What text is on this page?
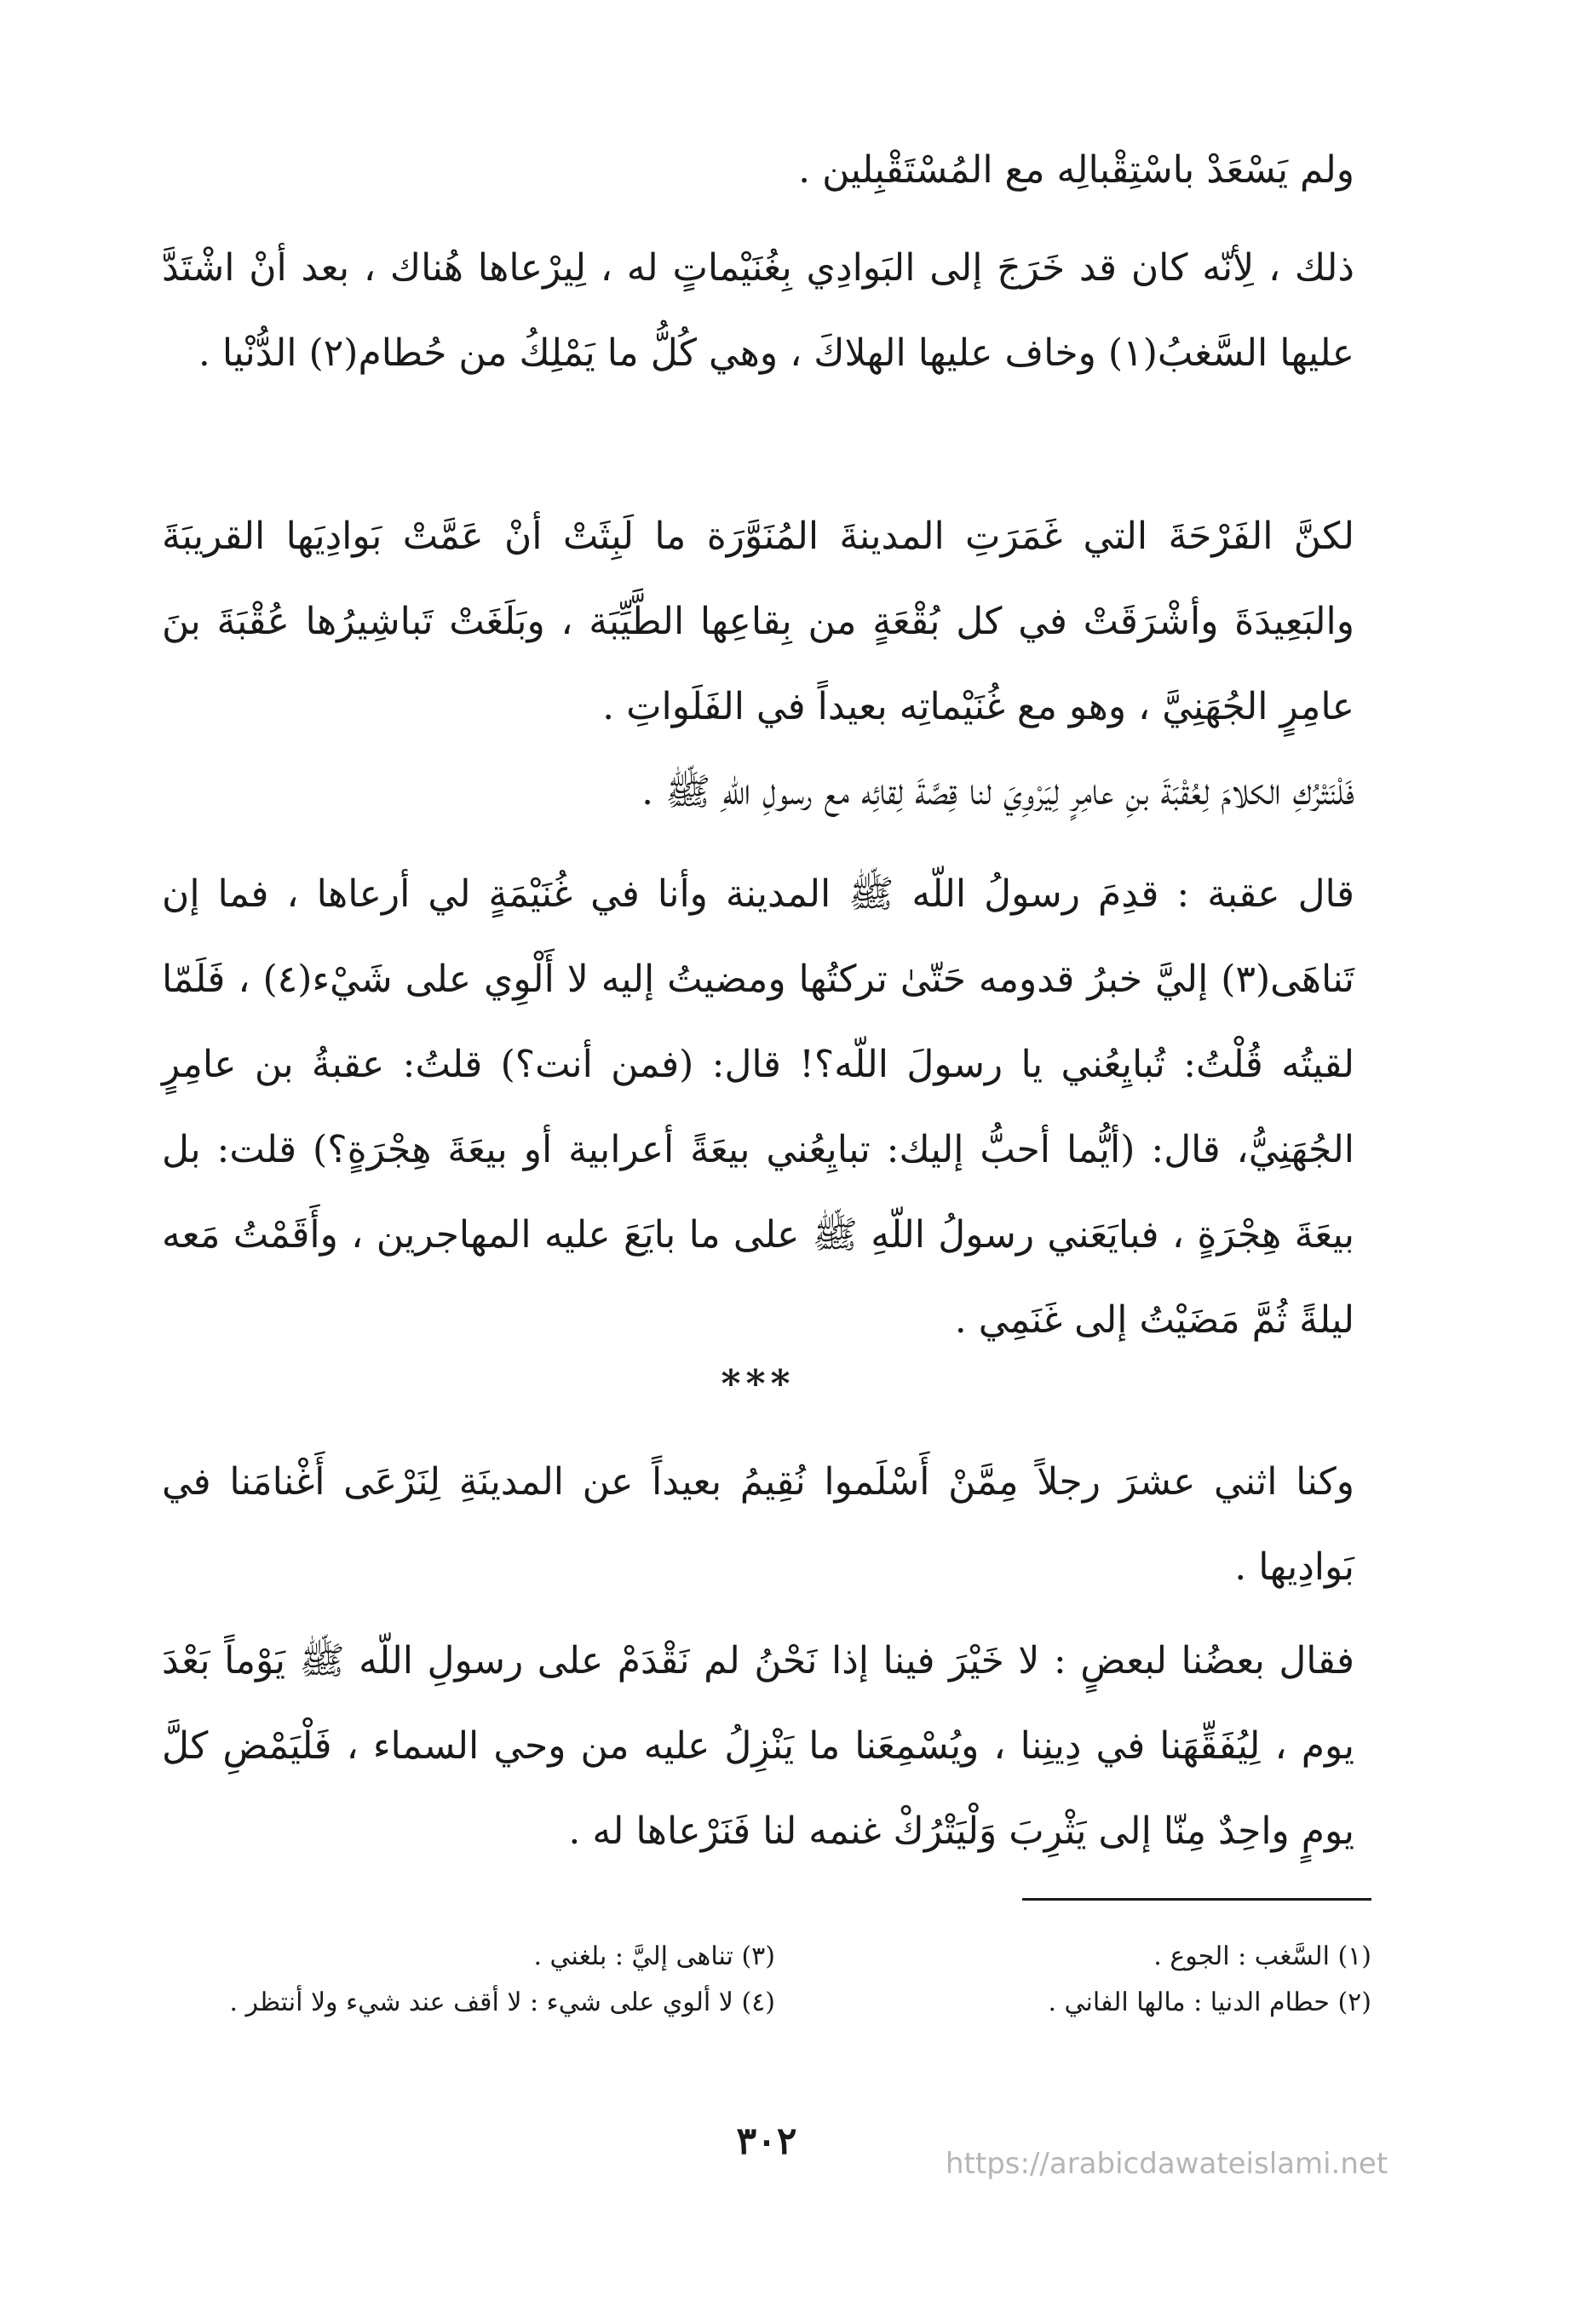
ولم يَسْعَدْ باسْتِقْبالِه مع المُسْتَقْبِلين .

ذلك ، لِأنّه كان قد خَرَجَ إلى البَوادِي بِغُنَيْماتٍ له ، لِيرْعاها هُناك ، بعد أنْ اشْتَدَّ عليها السَّغبُ(١) وخاف عليها الهلاكَ ، وهي كُلُّ ما يَمْلِكُ من حُطام(٢) الدُّنْيا .

لكنَّ الفَرْحَةَ التي غَمَرَتِ المدينةَ المُنَوَّرَة ما لَبِثَتْ أنْ عَمَّتْ بَوادِيَها القريبَةَ والبَعِيدَةَ وأشْرَقَتْ في كل بُقْعَةٍ من بِقاعِها الطَّيِّبَة ، وبَلَغَتْ تَباشِيرُها عُقْبَةَ بنَ عامِرٍ الجُهَنِيَّ ، وهو مع غُنَيْماتِه بعيداً في الفَلَواتِ .

فَلْنَتْرُكِ الكلامَ لِعُقْبَةَ بنِ عامِرٍ لِيَرْوِيَ لنا قِصَّةَ لِقائِه مع رسولِ اللّهِ ﷺ .

قال عقبة : قدِمَ رسولُ اللّه ﷺ المدينة وأنا في غُنَيْمَةٍ لي أرعاها ، فما إن تَناهَى(٣) إليَّ خبرُ قدومه حَتّىٰ تركتُها ومضيتُ إليه لا أَلْوِي على شَيْء(٤) ، فَلَمّا لقيتُه قُلْتُ: تُبايِعُني يا رسولَ اللّه؟! قال: (فمن أنت؟) قلتُ: عقبةُ بن عامِرٍ الجُهَنِيُّ، قال: (أيُّما أحبُّ إليك: تبايِعُني بيعَةً أعرابية أو بيعَةَ هِجْرَةٍ؟) قلت: بل بيعَةَ هِجْرَةٍ ، فبايَعَني رسولُ اللّهِ ﷺ على ما بايَعَ عليه المهاجرين ، وأَقَمْتُ مَعه ليلةً ثُمَّ مَضَيْتُ إلى غَنَمِي .

***

وكنا اثني عشرَ رجلاً مِمَّنْ أَسْلَموا نُقِيمُ بعيداً عن المدينَةِ لِنَرْعَى أَغْنامَنا في بَوادِيها .

فقال بعضُنا لبعضٍ : لا خَيْرَ فينا إذا نَحْنُ لم نَقْدَمْ على رسولِ اللّه ﷺ يَوْماً بَعْدَ يوم ، لِيُفَقِّهَنا في دِينِنا ، ويُسْمِعَنا ما يَنْزِلُ عليه من وحي السماء ، فَلْيَمْضِ كلَّ يومٍ واحِدٌ مِنّا إلى يَثْرِبَ وَلْيَتْرُكْ غنمه لنا فَنَرْعاها له .

(١) السَّغب : الجوع .
(٢) حطام الدنيا : مالها الفاني .
(٣) تناهى إليَّ : بلغني .
(٤) لا ألوي على شيء : لا أقف عند شيء ولا أنتظر .
٣٠٢
https://arabicdawateislami.net
